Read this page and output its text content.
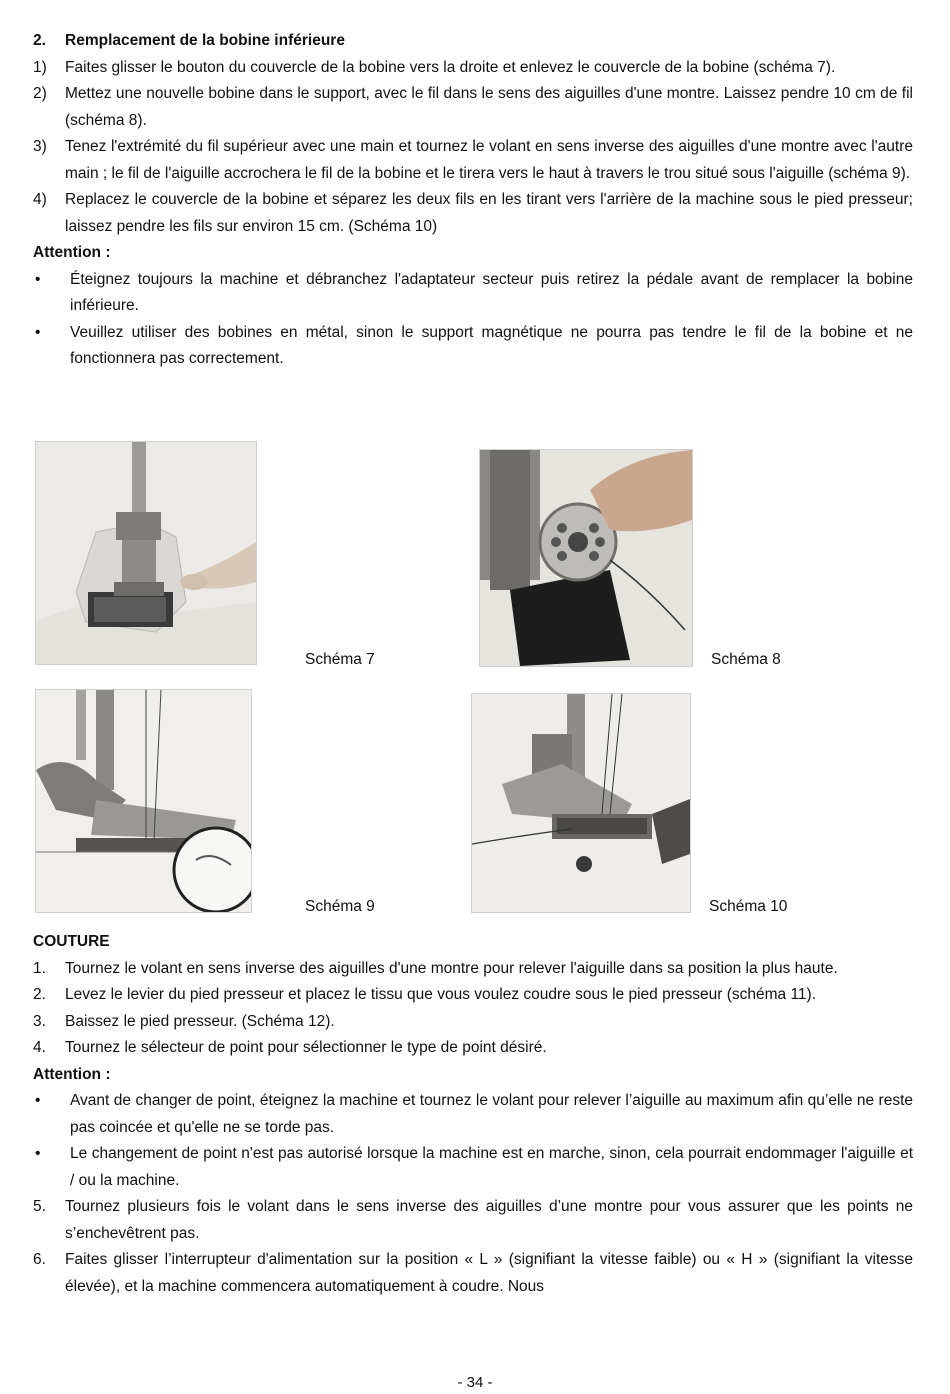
2.	Remplacement de la bobine inférieure
1)	Faites glisser le bouton du couvercle de la bobine vers la droite et enlevez le couvercle de la bobine (schéma 7).
2)	Mettez une nouvelle bobine dans le support, avec le fil dans le sens des aiguilles d'une montre. Laissez pendre 10 cm de fil (schéma 8).
3)	Tenez l'extrémité du fil supérieur avec une main et tournez le volant en sens inverse des aiguilles d'une montre avec l'autre main ; le fil de l'aiguille accrochera le fil de la bobine et le tirera vers le haut à travers le trou situé sous l'aiguille (schéma 9).
4)	Replacez le couvercle de la bobine et séparez les deux fils en les tirant vers l'arrière de la machine sous le pied presseur; laissez pendre les fils sur environ 15 cm. (Schéma 10)
Attention :
•	Éteignez toujours la machine et débranchez l'adaptateur secteur puis retirez la pédale avant de remplacer la bobine inférieure.
•	Veuillez utiliser des bobines en métal, sinon le support magnétique ne pourra pas tendre le fil de la bobine et ne fonctionnera pas correctement.
Schéma 7	Schéma 8
Schéma 9	Schéma 10
COUTURE
1.	Tournez le volant en sens inverse des aiguilles d'une montre pour relever l'aiguille dans sa position la plus haute.
2.	Levez le levier du pied presseur et placez le tissu que vous voulez coudre sous le pied presseur (schéma 11).
3.	Baissez le pied presseur. (Schéma 12).
4.	Tournez le sélecteur de point pour sélectionner le type de point désiré.
Attention :
•	Avant de changer de point, éteignez la machine et tournez le volant pour relever l’aiguille au maximum afin qu’elle ne reste pas coincée et qu'elle ne se torde pas.
•	Le changement de point n'est pas autorisé lorsque la machine est en marche, sinon, cela pourrait endommager l'aiguille et / ou la machine.
5.	Tournez plusieurs fois le volant dans le sens inverse des aiguilles d’une montre pour vous assurer que les points ne s’enchevêtrent pas.
6.	Faites glisser l’interrupteur d'alimentation sur la position « L » (signifiant la vitesse faible) ou « H » (signifiant la vitesse élevée), et la machine commencera automatiquement à coudre. Nous
- 34 -
